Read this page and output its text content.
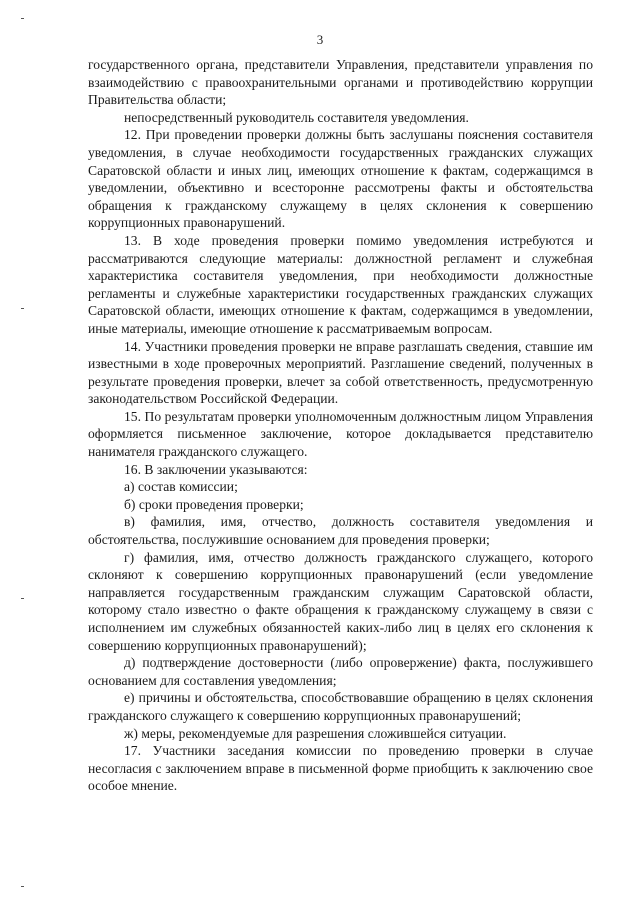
3

государственного органа, представители Управления, представители управления по взаимодействию с правоохранительными органами и противодействию коррупции Правительства области;

непосредственный руководитель составителя уведомления.

12. При проведении проверки должны быть заслушаны пояснения составителя уведомления, в случае необходимости государственных гражданских служащих Саратовской области и иных лиц, имеющих отношение к фактам, содержащимся в уведомлении, объективно и всесторонне рассмотрены факты и обстоятельства обращения к гражданскому служащему в целях склонения к совершению коррупционных правонарушений.

13. В ходе проведения проверки помимо уведомления истребуются и рассматриваются следующие материалы: должностной регламент и служебная характеристика составителя уведомления, при необходимости должностные регламенты и служебные характеристики государственных гражданских служащих Саратовской области, имеющих отношение к фактам, содержащимся в уведомлении, иные материалы, имеющие отношение к рассматриваемым вопросам.

14. Участники проведения проверки не вправе разглашать сведения, ставшие им известными в ходе проверочных мероприятий. Разглашение сведений, полученных в результате проведения проверки, влечет за собой ответственность, предусмотренную законодательством Российской Федерации.

15. По результатам проверки уполномоченным должностным лицом Управления оформляется письменное заключение, которое докладывается представителю нанимателя гражданского служащего.

16. В заключении указываются:

а) состав комиссии;

б) сроки проведения проверки;

в) фамилия, имя, отчество, должность составителя уведомления и обстоятельства, послужившие основанием для проведения проверки;

г) фамилия, имя, отчество должность гражданского служащего, которого склоняют к совершению коррупционных правонарушений (если уведомление направляется государственным гражданским служащим Саратовской области, которому стало известно о факте обращения к гражданскому служащему в связи с исполнением им служебных обязанностей каких-либо лиц в целях его склонения к совершению коррупционных правонарушений);

д) подтверждение достоверности (либо опровержение) факта, послужившего основанием для составления уведомления;

е) причины и обстоятельства, способствовавшие обращению в целях склонения гражданского служащего к совершению коррупционных правонарушений;

ж) меры, рекомендуемые для разрешения сложившейся ситуации.

17. Участники заседания комиссии по проведению проверки в случае несогласия с заключением вправе в письменной форме приобщить к заключению свое особое мнение.
